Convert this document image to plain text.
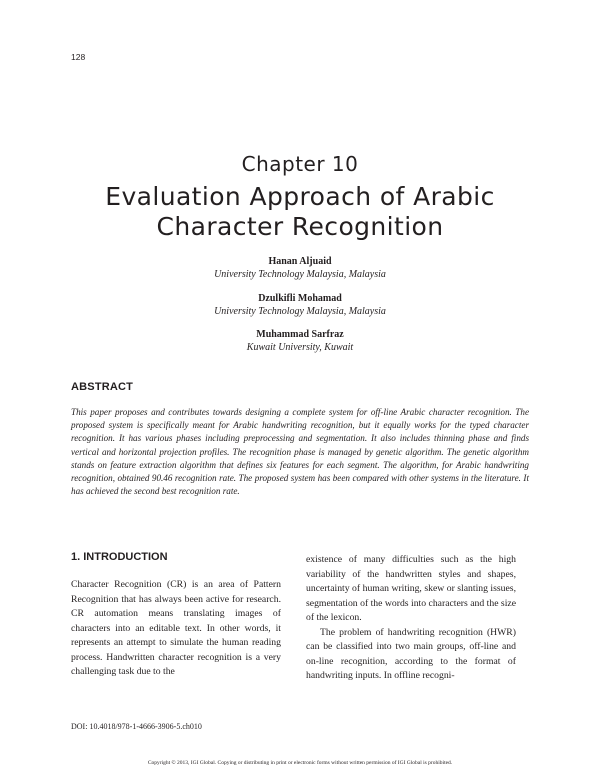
128
Chapter 10
Evaluation Approach of Arabic Character Recognition
Hanan Aljuaid
University Technology Malaysia, Malaysia
Dzulkifli Mohamad
University Technology Malaysia, Malaysia
Muhammad Sarfraz
Kuwait University, Kuwait
ABSTRACT

This paper proposes and contributes towards designing a complete system for off-line Arabic character recognition. The proposed system is specifically meant for Arabic handwriting recognition, but it equally works for the typed character recognition. It has various phases including preprocessing and segmentation. It also includes thinning phase and finds vertical and horizontal projection profiles. The recognition phase is managed by genetic algorithm. The genetic algorithm stands on feature extraction algorithm that defines six features for each segment. The algorithm, for Arabic handwriting recognition, obtained 90.46 recognition rate. The proposed system has been compared with other systems in the literature. It has achieved the second best recognition rate.

1. INTRODUCTION

Character Recognition (CR) is an area of Pattern Recognition that has always been active for research. CR automation means translating images of characters into an editable text. In other words, it represents an attempt to simulate the human reading process. Handwritten character recognition is a very challenging task due to the

existence of many difficulties such as the high variability of the handwritten styles and shapes, uncertainty of human writing, skew or slanting issues, segmentation of the words into characters and the size of the lexicon.

The problem of handwriting recognition (HWR) can be classified into two main groups, off-line and on-line recognition, according to the format of handwriting inputs. In offline recogni-

DOI: 10.4018/978-1-4666-3906-5.ch010
Copyright © 2013, IGI Global. Copying or distributing in print or electronic forms without written permission of IGI Global is prohibited.
